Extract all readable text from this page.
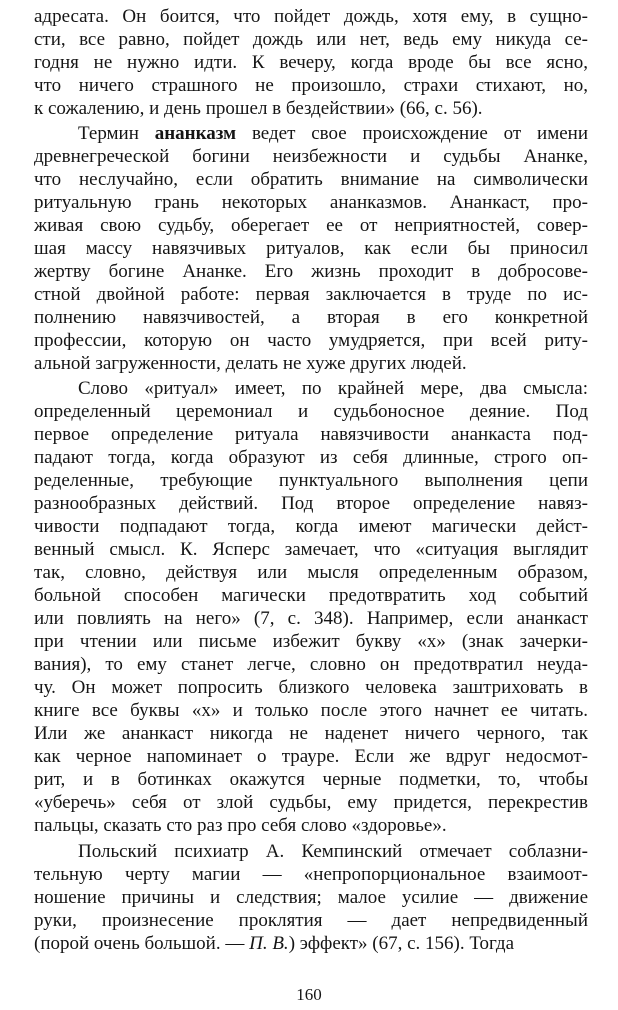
адресата. Он боится, что пойдет дождь, хотя ему, в сущно-
сти, все равно, пойдет дождь или нет, ведь ему никуда се-
годня не нужно идти. К вечеру, когда вроде бы все ясно,
что ничего страшного не произошло, страхи стихают, но,
к сожалению, и день прошел в бездействии» (66, с. 56).
Термин ананказм ведет свое происхождение от имени
древнегреческой богини неизбежности и судьбы Ананке,
что неслучайно, если обратить внимание на символически
ритуальную грань некоторых ананказмов. Ананкаст, про-
живая свою судьбу, оберегает ее от неприятностей, совер-
шая массу навязчивых ритуалов, как если бы приносил
жертву богине Ананке. Его жизнь проходит в добросове-
стной двойной работе: первая заключается в труде по ис-
полнению навязчивостей, а вторая в его конкретной
профессии, которую он часто умудряется, при всей риту-
альной загруженности, делать не хуже других людей.
Слово «ритуал» имеет, по крайней мере, два смысла:
определенный церемониал и судьбоносное деяние. Под
первое определение ритуала навязчивости ананкаста под-
падают тогда, когда образуют из себя длинные, строго оп-
ределенные, требующие пунктуального выполнения цепи
разнообразных действий. Под второе определение навяз-
чивости подпадают тогда, когда имеют магически дейст-
венный смысл. К. Ясперс замечает, что «ситуация выглядит
так, словно, действуя или мысля определенным образом,
больной способен магически предотвратить ход событий
или повлиять на него» (7, с. 348). Например, если ананкаст
при чтении или письме избежит букву «х» (знак зачерки-
вания), то ему станет легче, словно он предотвратил неуда-
чу. Он может попросить близкого человека заштриховать в
книге все буквы «х» и только после этого начнет ее читать.
Или же ананкаст никогда не наденет ничего черного, так
как черное напоминает о трауре. Если же вдруг недосмот-
рит, и в ботинках окажутся черные подметки, то, чтобы
«уберечь» себя от злой судьбы, ему придется, перекрестив
пальцы, сказать сто раз про себя слово «здоровье».
Польский психиатр А. Кемпинский отмечает соблазни-
тельную черту магии — «непропорциональное взаимоот-
ношение причины и следствия; малое усилие — движение
руки, произнесение проклятия — дает непредвиденный
(порой очень большой. — П. В.) эффект» (67, с. 156). Тогда
160
